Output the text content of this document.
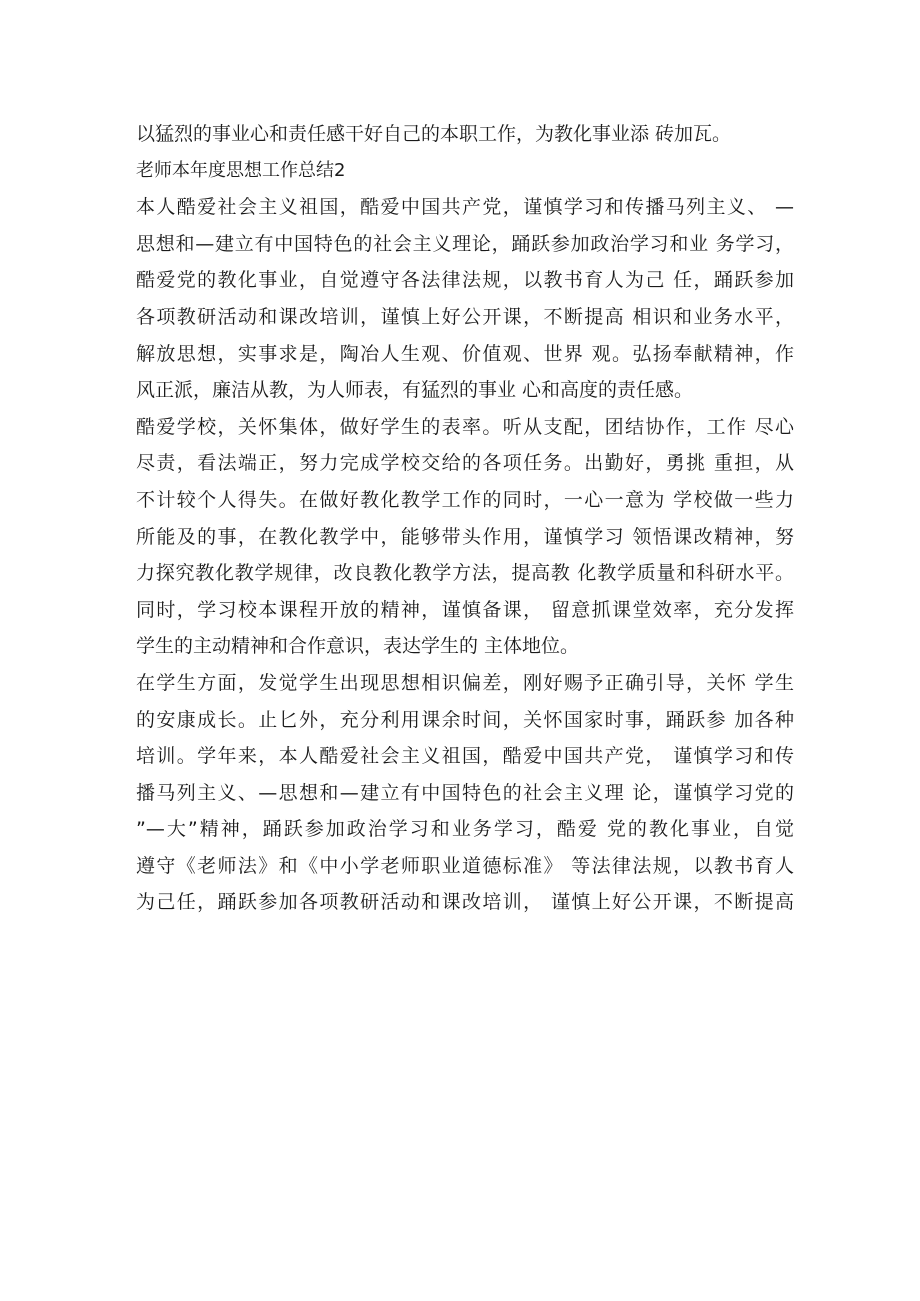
以猛烈的事业心和责任感干好自己的本职工作，为教化事业添 砖加瓦。
老师本年度思想工作总结2
本人酷爱社会主义祖国，酷爱中国共产党，谨慎学习和传播马列主义、 —
思想和—建立有中国特色的社会主义理论，踊跃参加政治学习和业 务学习，
酷爱党的教化事业，自觉遵守各法律法规，以教书育人为己 任，踊跃参加
各项教研活动和课改培训，谨慎上好公开课，不断提高 相识和业务水平，
解放思想，实事求是，陶冶人生观、价值观、世界 观。弘扬奉献精神，作
风正派，廉洁从教，为人师表，有猛烈的事业 心和高度的责任感。
酷爱学校，关怀集体，做好学生的表率。听从支配，团结协作，工作 尽心
尽责，看法端正，努力完成学校交给的各项任务。出勤好，勇挑 重担，从
不计较个人得失。在做好教化教学工作的同时，一心一意为 学校做一些力
所能及的事，在教化教学中，能够带头作用，谨慎学习 领悟课改精神，努
力探究教化教学规律，改良教化教学方法，提高教 化教学质量和科研水平。
同时，学习校本课程开放的精神，谨慎备课， 留意抓课堂效率，充分发挥
学生的主动精神和合作意识，表达学生的 主体地位。
在学生方面，发觉学生出现思想相识偏差，刚好赐予正确引导，关怀 学生
的安康成长。止匕外，充分利用课余时间，关怀国家时事，踊跃参 加各种
培训。学年来，本人酷爱社会主义祖国，酷爱中国共产党， 谨慎学习和传
播马列主义、—思想和—建立有中国特色的社会主义理 论，谨慎学习党的
”—大”精神，踊跃参加政治学习和业务学习，酷爱 党的教化事业，自觉
遵守《老师法》和《中小学老师职业道德标准》 等法律法规，以教书育人
为己任，踊跃参加各项教研活动和课改培训， 谨慎上好公开课，不断提高
